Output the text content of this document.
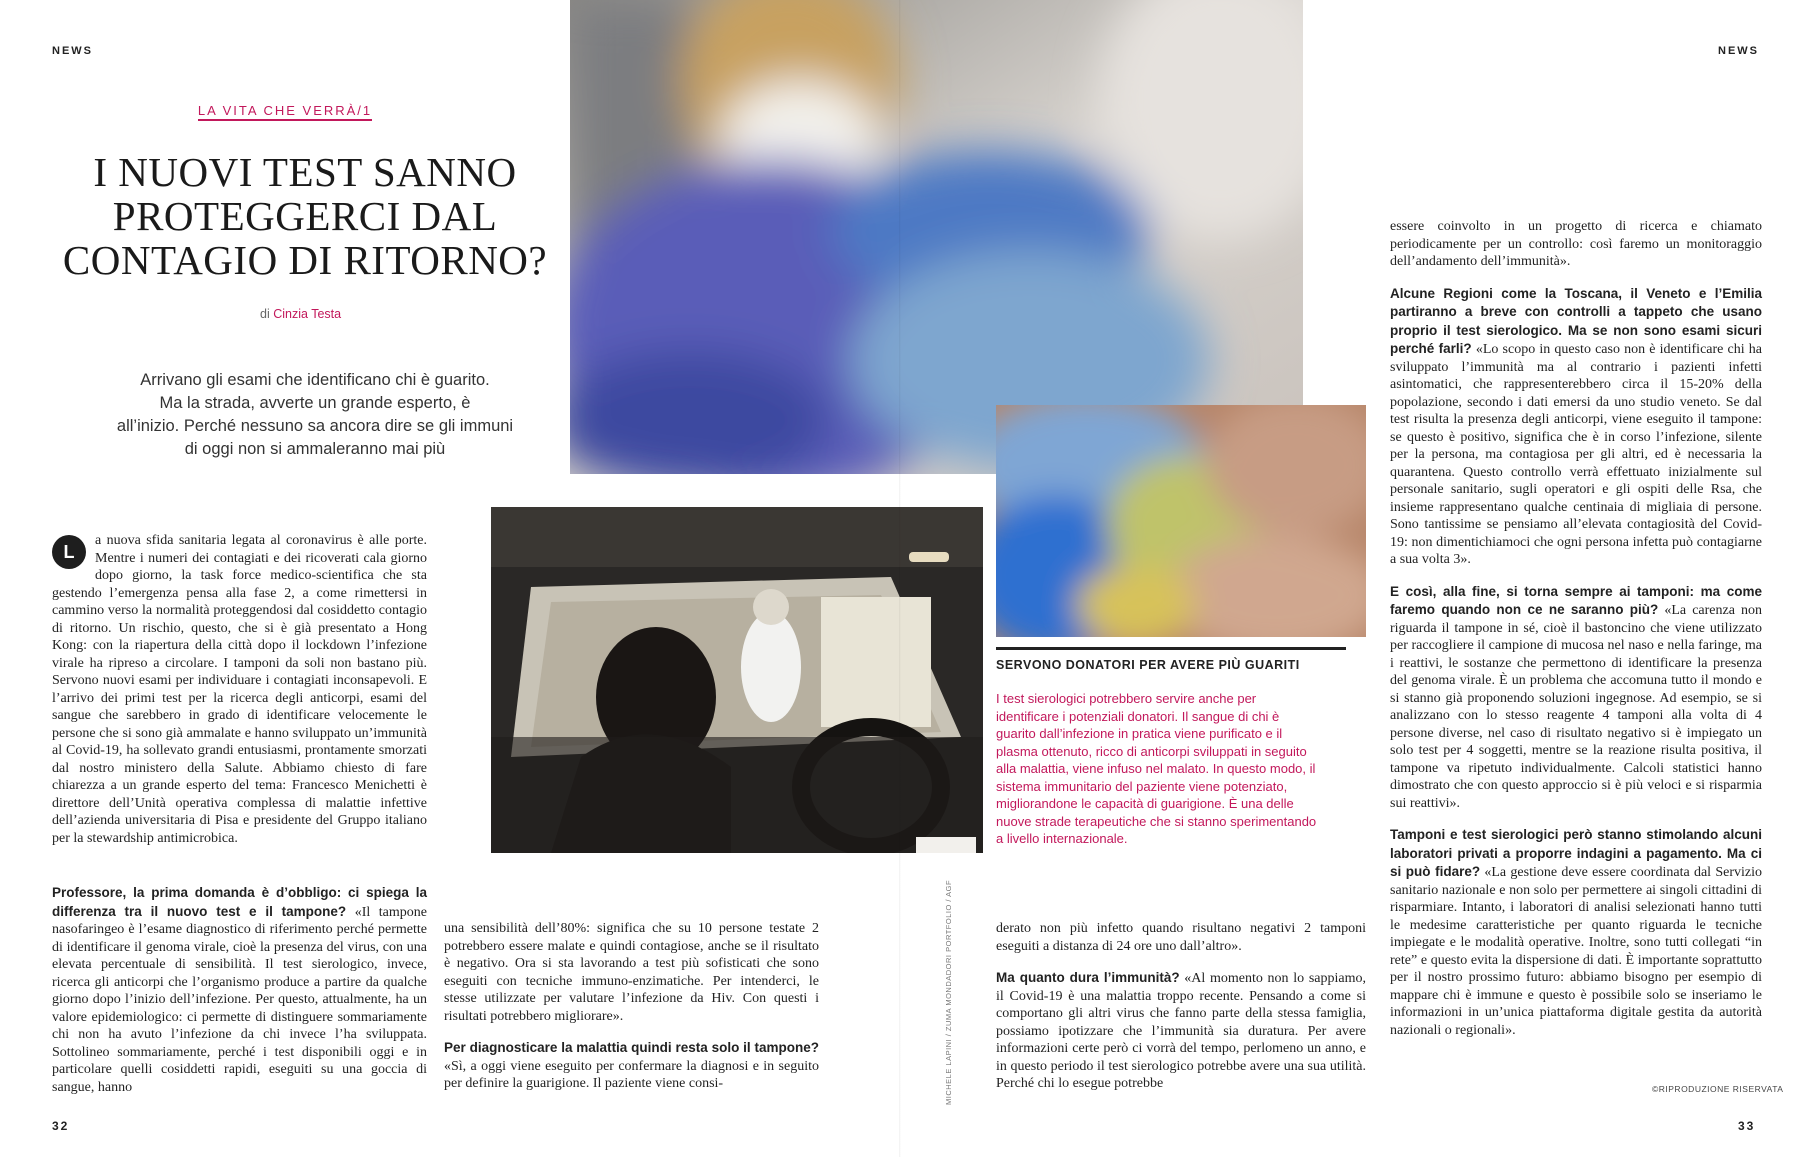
NEWS
LA VITA CHE VERRÀ/1
I NUOVI TEST SANNO
PROTEGGERCI DAL
CONTAGIO DI RITORNO?
di Cinzia Testa
Arrivano gli esami che identificano chi è guarito.
Ma la strada, avverte un grande esperto, è
all’inizio. Perché nessuno sa ancora dire se gli immuni
di oggi non si ammaleranno mai più
L

a nuova sfida sanitaria legata al coronavirus è alle porte. Mentre i numeri dei contagiati e dei ricoverati cala giorno dopo giorno, la task force medico-scientifica che sta gestendo l’emergenza pensa alla fase 2, a come rimettersi in cammino verso la normalità proteggendosi dal cosiddetto contagio di ritorno. Un rischio, questo, che si è già presentato a Hong Kong: con la riapertura della città dopo il lockdown l’infezione virale ha ripreso a circolare. I tamponi da soli non bastano più. Servono nuovi esami per individuare i contagiati inconsapevoli. E l’arrivo dei primi test per la ricerca degli anticorpi, esami del sangue che sarebbero in grado di identificare velocemente le persone che si sono già ammalate e hanno sviluppato un’immunità al Covid-19, ha sollevato grandi entusiasmi, prontamente smorzati dal nostro ministero della Salute. Abbiamo chiesto di fare chiarezza a un grande esperto del tema: Francesco Menichetti è direttore dell’Unità operativa complessa di malattie infettive dell’azienda universitaria di Pisa e presidente del Gruppo italiano per la stewardship antimicrobica.

Professore, la prima domanda è d’obbligo: ci spiega la differenza tra il nuovo test e il tampone? «Il tampone nasofaringeo è l’esame diagnostico di riferimento perché permette di identificare il genoma virale, cioè la presenza del virus, con una elevata percentuale di sensibilità. Il test sierologico, invece, ricerca gli anticorpi che l’organismo produce a partire da qualche giorno dopo l’inizio dell’infezione. Per questo, attualmente, ha un valore epidemiologico: ci permette di distinguere sommariamente chi non ha avuto l’infezione da chi invece l’ha sviluppata. Sottolineo sommariamente, perché i test disponibili oggi e in particolare quelli cosiddetti rapidi, eseguiti su una goccia di sangue, hanno

una sensibilità dell’80%: significa che su 10 persone testate 2 potrebbero essere malate e quindi contagiose, anche se il risultato è negativo. Ora si sta lavorando a test più sofisticati che sono eseguiti con tecniche immuno-enzimatiche. Per intenderci, le stesse utilizzate per valutare l’infezione da Hiv. Con questi i risultati potrebbero migliorare».

Per diagnosticare la malattia quindi resta solo il tampone? «Sì, a oggi viene eseguito per confermare la diagnosi e in seguito per definire la guarigione. Il paziente viene consi-

32
NEWS
SERVONO DONATORI PER AVERE PIÙ GUARITI
I test sierologici potrebbero servire anche per identificare i potenziali donatori. Il sangue di chi è guarito dall’infezione in pratica viene purificato e il plasma ottenuto, ricco di anticorpi sviluppati in seguito alla malattia, viene infuso nel malato. In questo modo, il sistema immunitario del paziente viene potenziato, migliorandone le capacità di guarigione. È una delle nuove strade terapeutiche che si stanno sperimentando a livello internazionale.
MICHELE LAPINI / ZUMA MONDADORI PORTFOLIO / AGF	derato non più infetto quando risultano negativi 2 tamponi eseguiti a distanza di 24 ore uno dall’altro».

Ma quanto dura l’immunità? «Al momento non lo sappiamo, il Covid-19 è una malattia troppo recente. Pensando a come si comportano gli altri virus che fanno parte della stessa famiglia, possiamo ipotizzare che l’immunità sia duratura. Per avere informazioni certe però ci vorrà del tempo, perlomeno un anno, e in questo periodo il test sierologico potrebbe avere una sua utilità. Perché chi lo esegue potrebbe

essere coinvolto in un progetto di ricerca e chiamato periodicamente per un controllo: così faremo un monitoraggio dell’andamento dell’immunità».

Alcune Regioni come la Toscana, il Veneto e l’Emilia partiranno a breve con controlli a tappeto che usano proprio il test sierologico. Ma se non sono esami sicuri perché farli? «Lo scopo in questo caso non è identificare chi ha sviluppato l’immunità ma al contrario i pazienti infetti asintomatici, che rappresenterebbero circa il 15-20% della popolazione, secondo i dati emersi da uno studio veneto. Se dal test risulta la presenza degli anticorpi, viene eseguito il tampone: se questo è positivo, significa che è in corso l’infezione, silente per la persona, ma contagiosa per gli altri, ed è necessaria la quarantena. Questo controllo verrà effettuato inizialmente sul personale sanitario, sugli operatori e gli ospiti delle Rsa, che insieme rappresentano qualche centinaia di migliaia di persone. Sono tantissime se pensiamo all’elevata contagiosità del Covid-19: non dimentichiamoci che ogni persona infetta può contagiarne a sua volta 3».

E così, alla fine, si torna sempre ai tamponi: ma come faremo quando non ce ne saranno più? «La carenza non riguarda il tampone in sé, cioè il bastoncino che viene utilizzato per raccogliere il campione di mucosa nel naso e nella faringe, ma i reattivi, le sostanze che permettono di identificare la presenza del genoma virale. È un problema che accomuna tutto il mondo e si stanno già proponendo soluzioni ingegnose. Ad esempio, se si analizzano con lo stesso reagente 4 tamponi alla volta di 4 persone diverse, nel caso di risultato negativo si è impiegato un solo test per 4 soggetti, mentre se la reazione risulta positiva, il tampone va ripetuto individualmente. Calcoli statistici hanno dimostrato che con questo approccio si è più veloci e si risparmia sui reattivi».

Tamponi e test sierologici però stanno stimolando alcuni laboratori privati a proporre indagini a pagamento. Ma ci si può fidare? «La gestione deve essere coordinata dal Servizio sanitario nazionale e non solo per permettere ai singoli cittadini di risparmiare. Intanto, i laboratori di analisi selezionati hanno tutti le medesime caratteristiche per quanto riguarda le tecniche impiegate e le modalità operative. Inoltre, sono tutti collegati “in rete” e questo evita la dispersione di dati. È importante soprattutto per il nostro prossimo futuro: abbiamo bisogno per esempio di mappare chi è immune e questo è possibile solo se inseriamo le informazioni in un’unica piattaforma digitale gestita da autorità nazionali o regionali».

©RIPRODUZIONE RISERVATA
33
